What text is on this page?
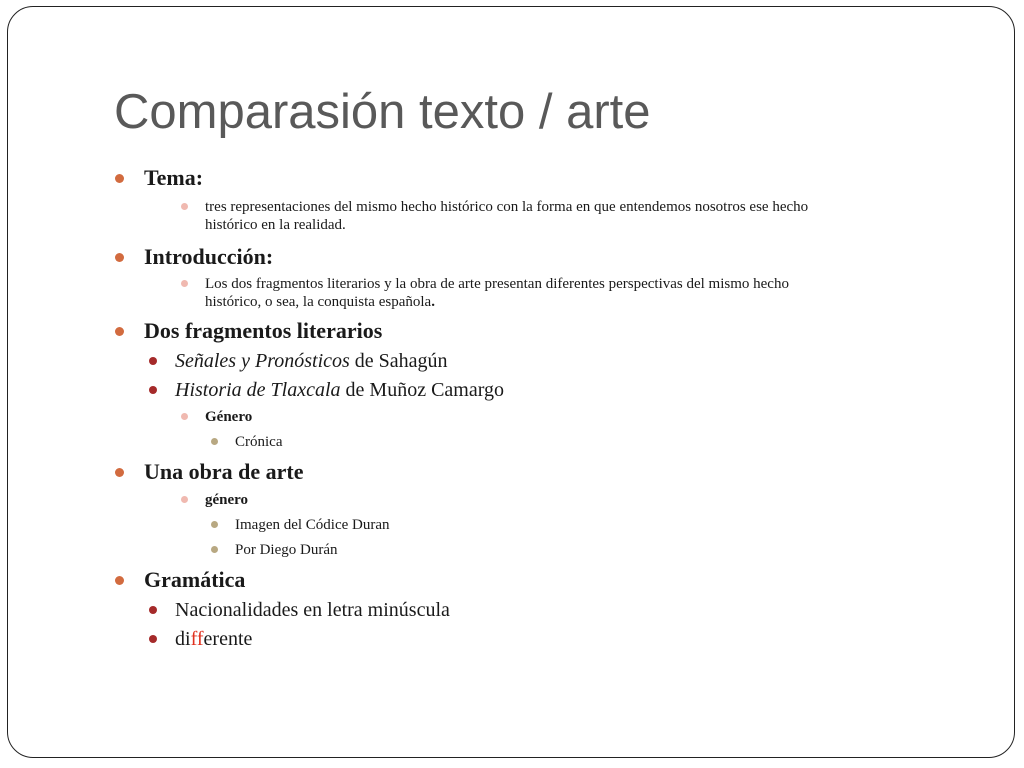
Comparasión texto / arte
Tema:
tres representaciones del mismo hecho histórico con la forma en que entendemos nosotros ese hecho
histórico en la realidad.
Introducción:
Los dos fragmentos literarios y la obra de arte presentan diferentes perspectivas del mismo hecho
histórico, o sea, la conquista española.
Dos fragmentos literarios
Señales y Pronósticos de Sahagún
Historia de Tlaxcala de Muñoz Camargo
Género
Crónica
Una obra de arte
género
Imagen del Códice Duran
Por Diego Durán
Gramática
Nacionalidades en letra minúscula
differente
